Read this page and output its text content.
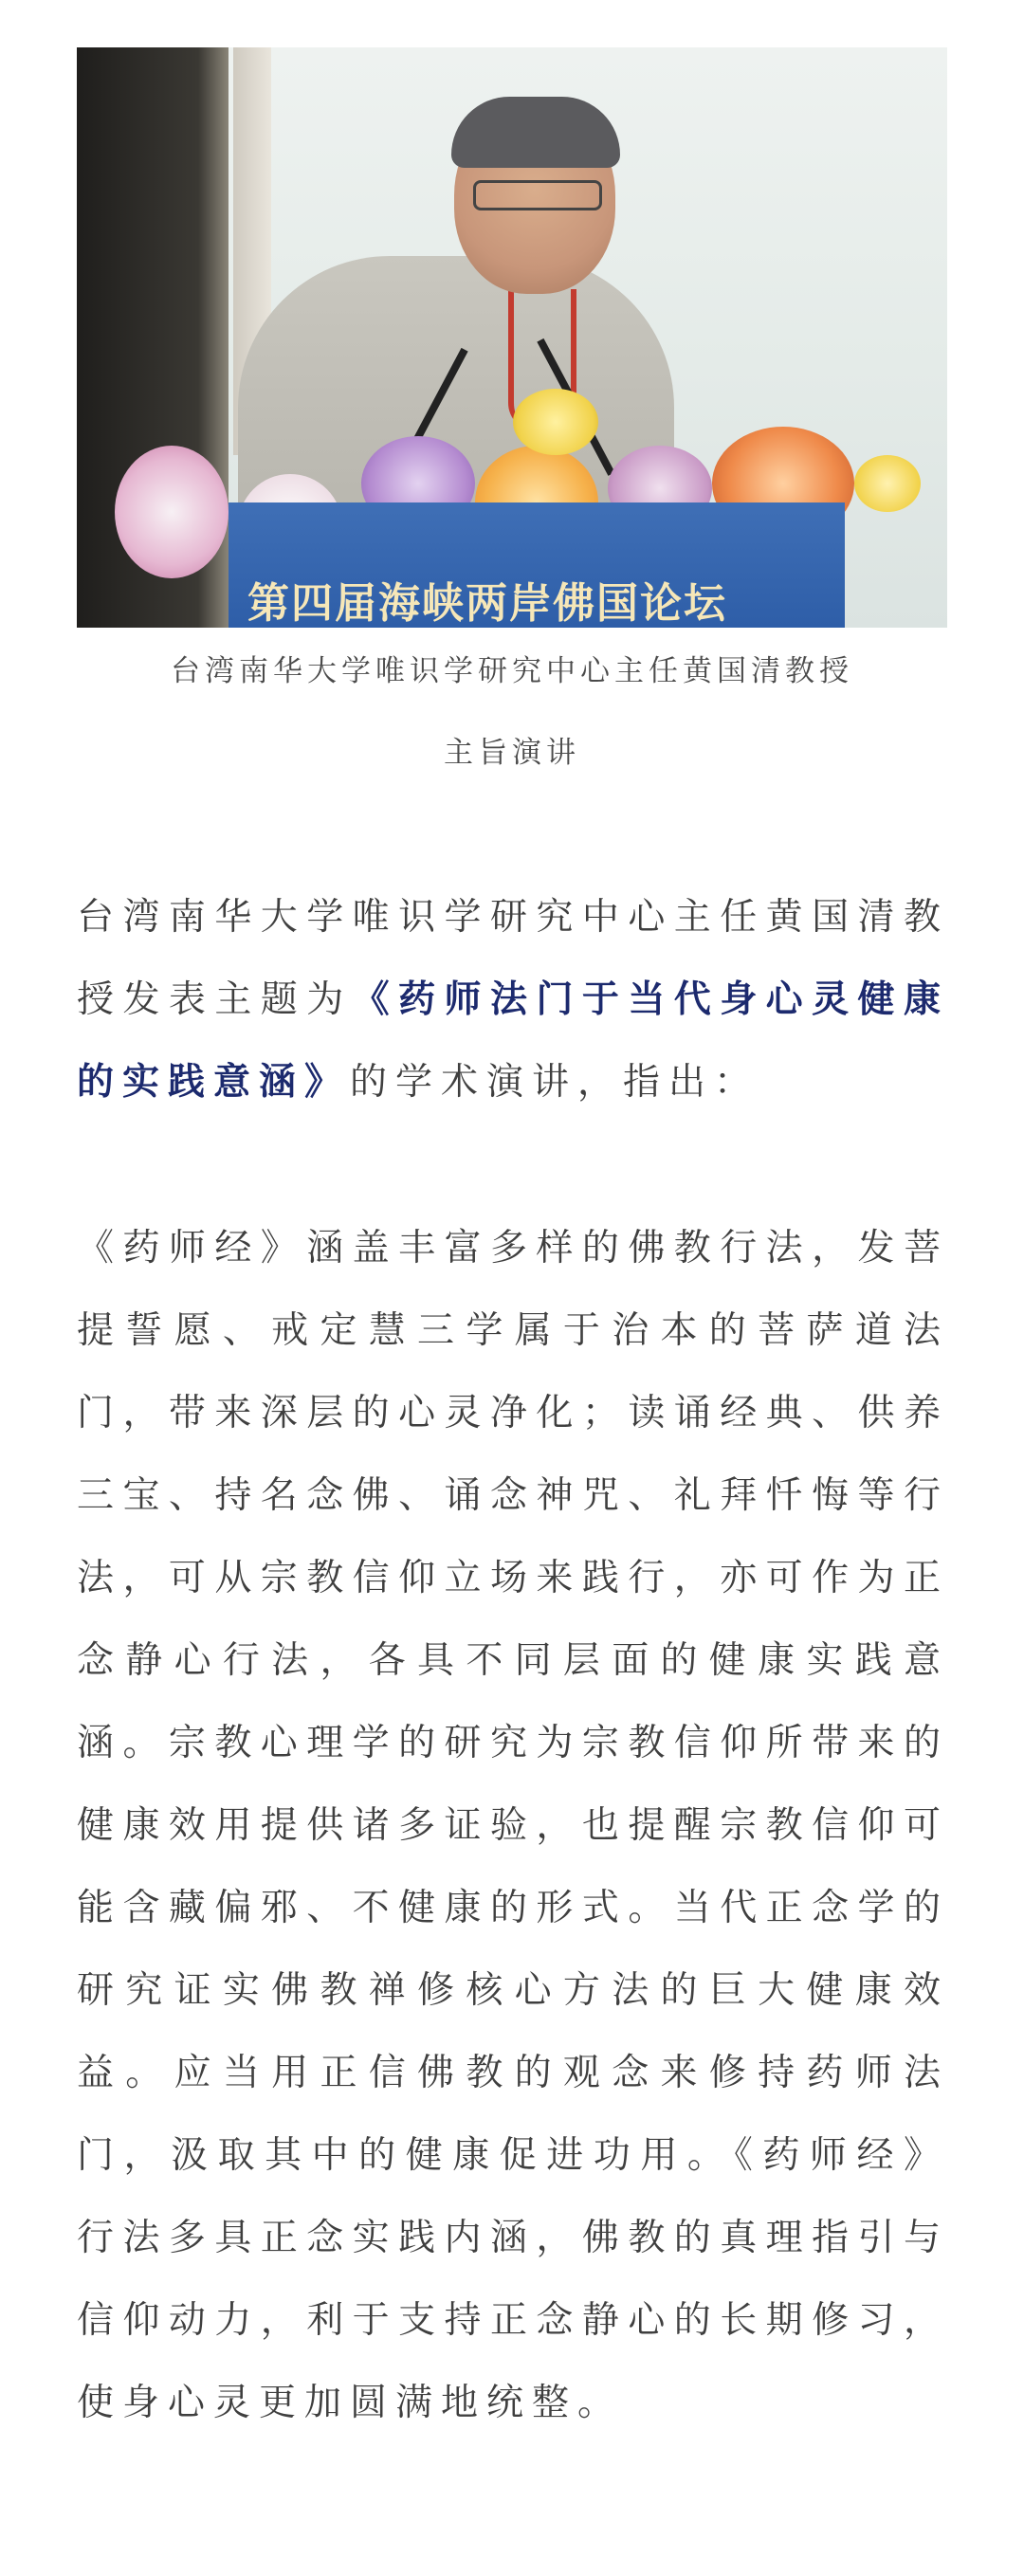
第四届海峡两岸佛国论坛
台湾南华大学唯识学研究中心主任黄国清教授
主旨演讲
台湾南华大学唯识学研究中心主任黄国清教授发表主题为《药师法门于当代身心灵健康的实践意涵》的学术演讲，指出：
《药师经》涵盖丰富多样的佛教行法，发菩提誓愿、戒定慧三学属于治本的菩萨道法门，带来深层的心灵净化；读诵经典、供养三宝、持名念佛、诵念神咒、礼拜忏悔等行法，可从宗教信仰立场来践行，亦可作为正念静心行法，各具不同层面的健康实践意涵。宗教心理学的研究为宗教信仰所带来的健康效用提供诸多证验，也提醒宗教信仰可能含藏偏邪、不健康的形式。当代正念学的研究证实佛教禅修核心方法的巨大健康效益。应当用正信佛教的观念来修持药师法门，汲取其中的健康促进功用。《药师经》行法多具正念实践内涵，佛教的真理指引与信仰动力，利于支持正念静心的长期修习，使身心灵更加圆满地统整。
